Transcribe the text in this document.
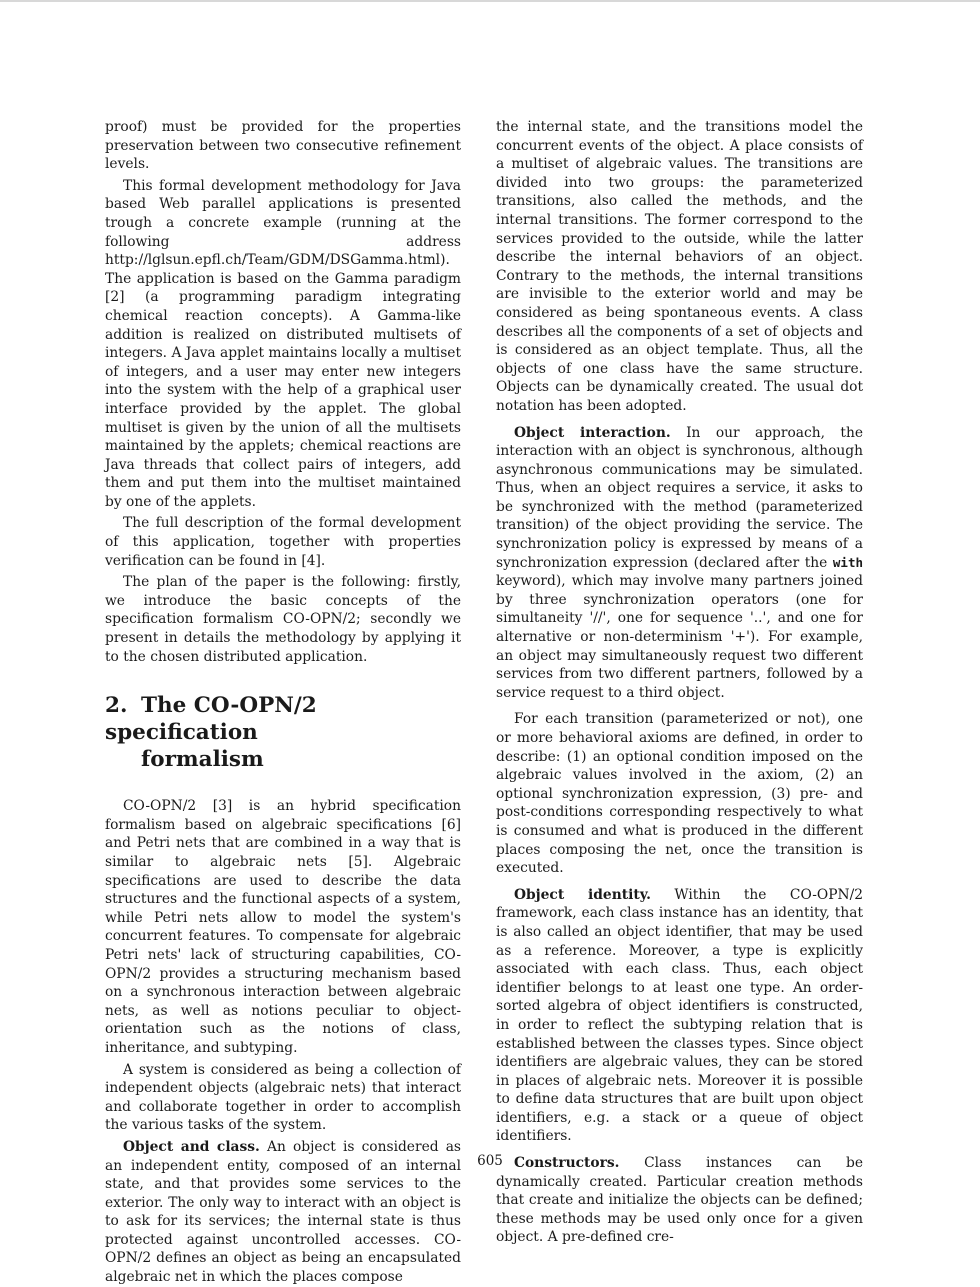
proof) must be provided for the properties preservation between two consecutive refinement levels.

This formal development methodology for Java based Web parallel applications is presented trough a concrete example (running at the following address http://lglsun.epfl.ch/Team/GDM/DSGamma.html). The application is based on the Gamma paradigm [2] (a programming paradigm integrating chemical reaction concepts). A Gamma-like addition is realized on distributed multisets of integers. A Java applet maintains locally a multiset of integers, and a user may enter new integers into the system with the help of a graphical user interface provided by the applet. The global multiset is given by the union of all the multisets maintained by the applets; chemical reactions are Java threads that collect pairs of integers, add them and put them into the multiset maintained by one of the applets.

The full description of the formal development of this application, together with properties verification can be found in [4].

The plan of the paper is the following: firstly, we introduce the basic concepts of the specification formalism CO-OPN/2; secondly we present in details the methodology by applying it to the chosen distributed application.

2. The CO-OPN/2 specification
formalism

CO-OPN/2 [3] is an hybrid specification formalism based on algebraic specifications [6] and Petri nets that are combined in a way that is similar to algebraic nets [5]. Algebraic specifications are used to describe the data structures and the functional aspects of a system, while Petri nets allow to model the system's concurrent features. To compensate for algebraic Petri nets' lack of structuring capabilities, CO-OPN/2 provides a structuring mechanism based on a synchronous interaction between algebraic nets, as well as notions peculiar to object-orientation such as the notions of class, inheritance, and subtyping.

A system is considered as being a collection of independent objects (algebraic nets) that interact and collaborate together in order to accomplish the various tasks of the system.

Object and class. An object is considered as an independent entity, composed of an internal state, and that provides some services to the exterior. The only way to interact with an object is to ask for its services; the internal state is thus protected against uncontrolled accesses. CO-OPN/2 defines an object as being an encapsulated algebraic net in which the places compose

the internal state, and the transitions model the concurrent events of the object. A place consists of a multiset of algebraic values. The transitions are divided into two groups: the parameterized transitions, also called the methods, and the internal transitions. The former correspond to the services provided to the outside, while the latter describe the internal behaviors of an object. Contrary to the methods, the internal transitions are invisible to the exterior world and may be considered as being spontaneous events. A class describes all the components of a set of objects and is considered as an object template. Thus, all the objects of one class have the same structure. Objects can be dynamically created. The usual dot notation has been adopted.

Object interaction. In our approach, the interaction with an object is synchronous, although asynchronous communications may be simulated. Thus, when an object requires a service, it asks to be synchronized with the method (parameterized transition) of the object providing the service. The synchronization policy is expressed by means of a synchronization expression (declared after the with keyword), which may involve many partners joined by three synchronization operators (one for simultaneity '//', one for sequence '..', and one for alternative or non-determinism '+'). For example, an object may simultaneously request two different services from two different partners, followed by a service request to a third object.

For each transition (parameterized or not), one or more behavioral axioms are defined, in order to describe: (1) an optional condition imposed on the algebraic values involved in the axiom, (2) an optional synchronization expression, (3) pre- and post-conditions corresponding respectively to what is consumed and what is produced in the different places composing the net, once the transition is executed.

Object identity. Within the CO-OPN/2 framework, each class instance has an identity, that is also called an object identifier, that may be used as a reference. Moreover, a type is explicitly associated with each class. Thus, each object identifier belongs to at least one type. An order-sorted algebra of object identifiers is constructed, in order to reflect the subtyping relation that is established between the classes types. Since object identifiers are algebraic values, they can be stored in places of algebraic nets. Moreover it is possible to define data structures that are built upon object identifiers, e.g. a stack or a queue of object identifiers.

Constructors. Class instances can be dynamically created. Particular creation methods that create and initialize the objects can be defined; these methods may be used only once for a given object. A pre-defined cre-

605
